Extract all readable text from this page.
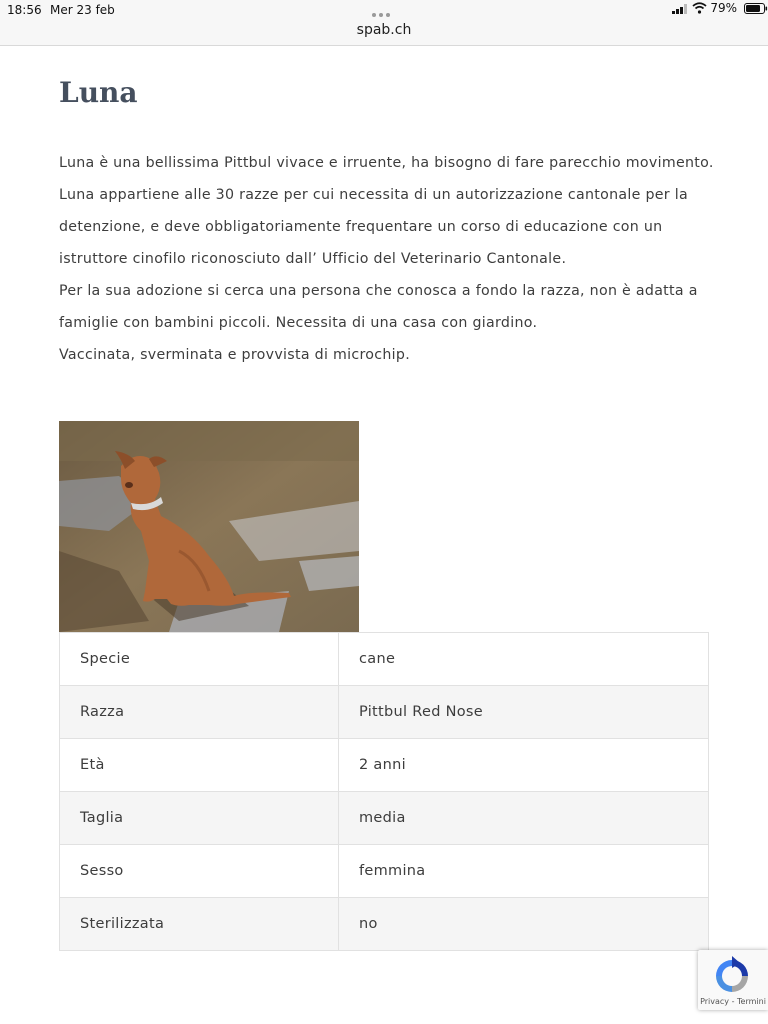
18:56 Mer 23 feb	79%
spab.ch
Luna

Luna è una bellissima Pittbul vivace e irruente, ha bisogno di fare parecchio movimento. Luna appartiene alle 30 razze per cui necessita di un autorizzazione cantonale per la detenzione, e deve obbligatoriamente frequentare un corso di educazione con un istruttore cinofilo riconosciuto dall’ Ufficio del Veterinario Cantonale.

Per la sua adozione si cerca una persona che conosca a fondo la razza, non è adatta a famiglie con bambini piccoli. Necessita di una casa con giardino.

Vaccinata, sverminata e provvista di microchip.

Specie	cane
Razza	Pittbul Red Nose
Età	2 anni
Taglia	media
Sesso	femmina
Sterilizzata	no
Privacy - Termini
